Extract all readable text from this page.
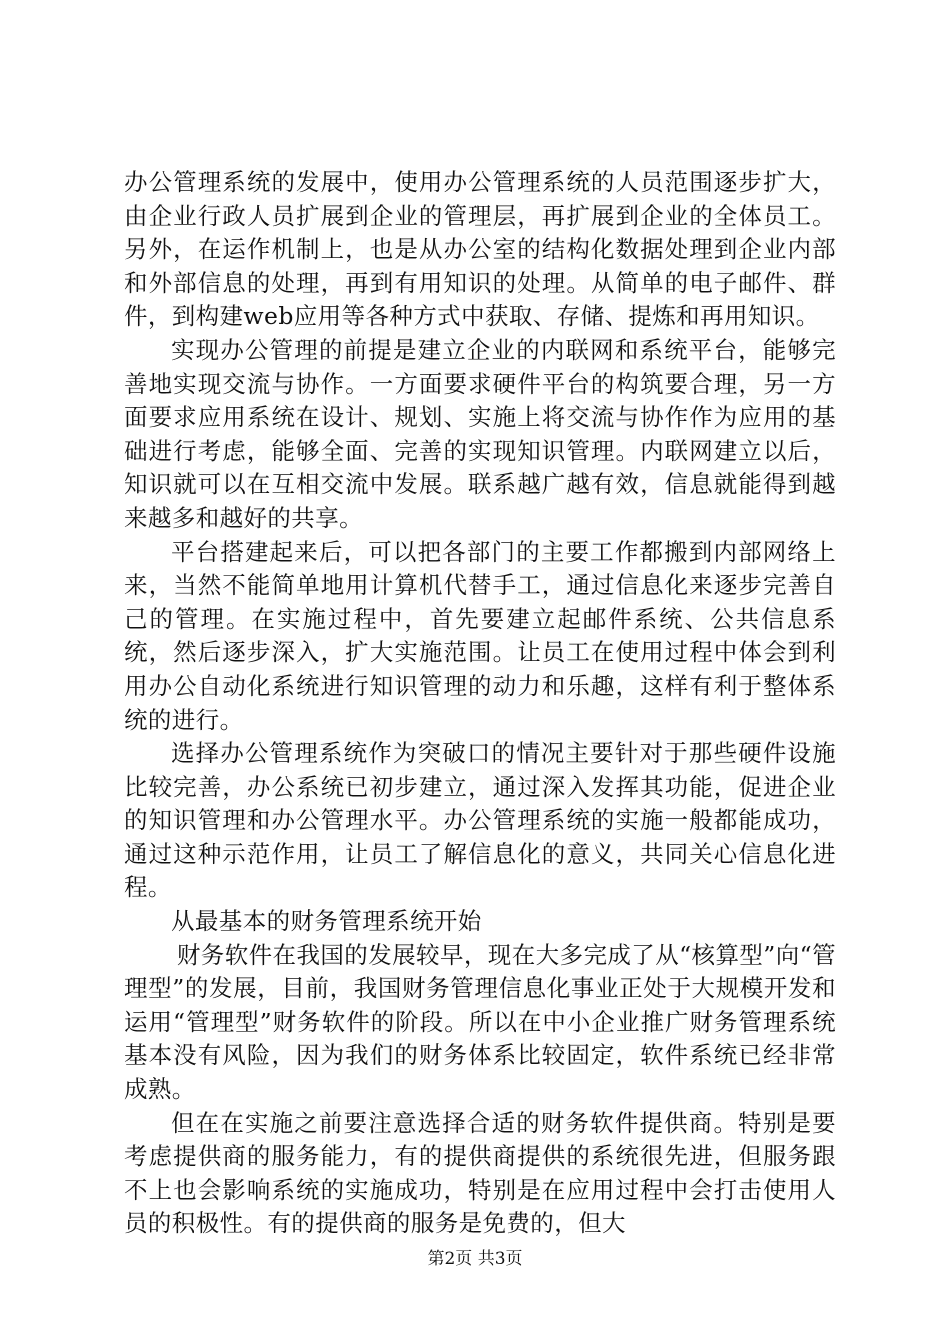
办公管理系统的发展中，使用办公管理系统的人员范围逐步扩大，由企业行政人员扩展到企业的管理层，再扩展到企业的全体员工。另外，在运作机制上，也是从办公室的结构化数据处理到企业内部和外部信息的处理，再到有用知识的处理。从简单的电子邮件、群件，到构建web应用等各种方式中获取、存储、提炼和再用知识。

实现办公管理的前提是建立企业的内联网和系统平台，能够完善地实现交流与协作。一方面要求硬件平台的构筑要合理，另一方面要求应用系统在设计、规划、实施上将交流与协作作为应用的基础进行考虑，能够全面、完善的实现知识管理。内联网建立以后，知识就可以在互相交流中发展。联系越广越有效，信息就能得到越来越多和越好的共享。

平台搭建起来后，可以把各部门的主要工作都搬到内部网络上来，当然不能简单地用计算机代替手工，通过信息化来逐步完善自己的管理。在实施过程中，首先要建立起邮件系统、公共信息系统，然后逐步深入，扩大实施范围。让员工在使用过程中体会到利用办公自动化系统进行知识管理的动力和乐趣，这样有利于整体系统的进行。

选择办公管理系统作为突破口的情况主要针对于那些硬件设施比较完善，办公系统已初步建立，通过深入发挥其功能，促进企业的知识管理和办公管理水平。办公管理系统的实施一般都能成功，通过这种示范作用，让员工了解信息化的意义，共同关心信息化进程。

从最基本的财务管理系统开始

财务软件在我国的发展较早，现在大多完成了从“核算型”向“管理型”的发展，目前，我国财务管理信息化事业正处于大规模开发和运用“管理型”财务软件的阶段。所以在中小企业推广财务管理系统基本没有风险，因为我们的财务体系比较固定，软件系统已经非常成熟。

但在在实施之前要注意选择合适的财务软件提供商。特别是要考虑提供商的服务能力，有的提供商提供的系统很先进，但服务跟不上也会影响系统的实施成功，特别是在应用过程中会打击使用人员的积极性。有的提供商的服务是免费的，但大

第2页 共3页
